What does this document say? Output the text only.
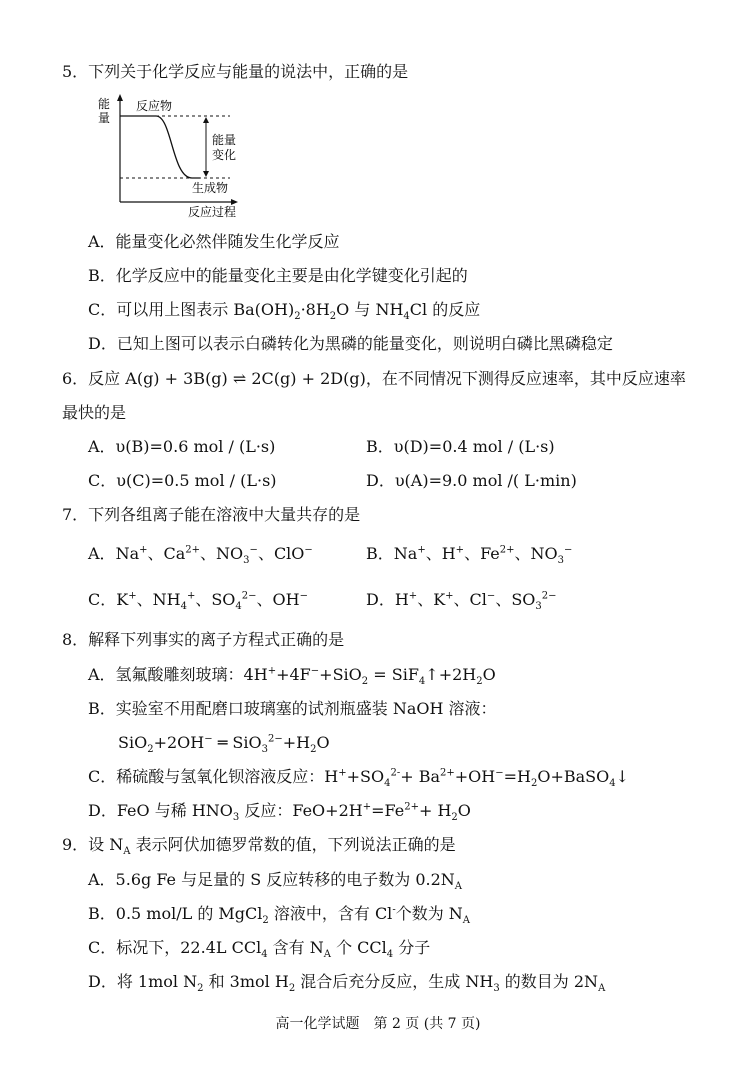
5．下列关于化学反应与能量的说法中，正确的是
能
量
反应物
能量
变化
生成物
反应过程
A．能量变化必然伴随发生化学反应
B．化学反应中的能量变化主要是由化学键变化引起的
C．可以用上图表示 $Ba(OH)_2\cdot 8H_2O$ 与 $NH_4Cl$ 的反应
D．已知上图可以表示白磷转化为黑磷的能量变化，则说明白磷比黑磷稳定
6．反应 A(g) + 3B(g) ⇌ 2C(g) + 2D(g)，在不同情况下测得反应速率，其中反应速率
最快的是
A．υ(B)=0.6 mol / (L·s)	B．υ(D)=0.4 mol / (L·s)
C．υ(C)=0.5 mol / (L·s)	D．υ(A)=9.0 mol /( L·min)
7．下列各组离子能在溶液中大量共存的是
A．Na+、$Ca^{2+}$、$NO_3^-$、ClO−	B．Na+、H+、$Fe^{2+}$、$NO_3^-$
C．K+、$NH_4^+$、$SO_4^{2-}$、OH−	D．H+、K+、Cl−、$SO_3^{2-}$
8．解释下列事实的离子方程式正确的是
A．氢氟酸雕刻玻璃：$4H^++4F^-+SiO_2 = SiF_4↑+2H_2O$
B．实验室不用配磨口玻璃塞的试剂瓶盛装 NaOH 溶液：
SiO$_2$+2OH− ═ $SiO_3^{2-}+H_2O$
C．稀硫酸与氢氧化钡溶液反应：$H^++SO_4^{2-}+$ $Ba^{2+}+OH^-=H_2O+BaSO_4↓$
D．FeO 与稀 $HNO_3$ 反应：$FeO+2H^+=Fe^{2+}+ H_2O$
9．设 $N_A$ 表示阿伏加德罗常数的值，下列说法正确的是
A．5.6g Fe 与足量的 S 反应转移的电子数为 $0.2N_A$
B．0.5 mol/L 的 MgCl$_2$ 溶液中，含有 Cl-个数为 $N_A$
C．标况下，22.4L CCl$_4$ 含有 $N_A$ 个 CCl$_4$ 分子
D．将 1mol $N_2$ 和 3mol $H_2$ 混合后充分反应，生成 $NH_3$ 的数目为 $2N_A$
高一化学试题　第 2 页 (共 7 页)
